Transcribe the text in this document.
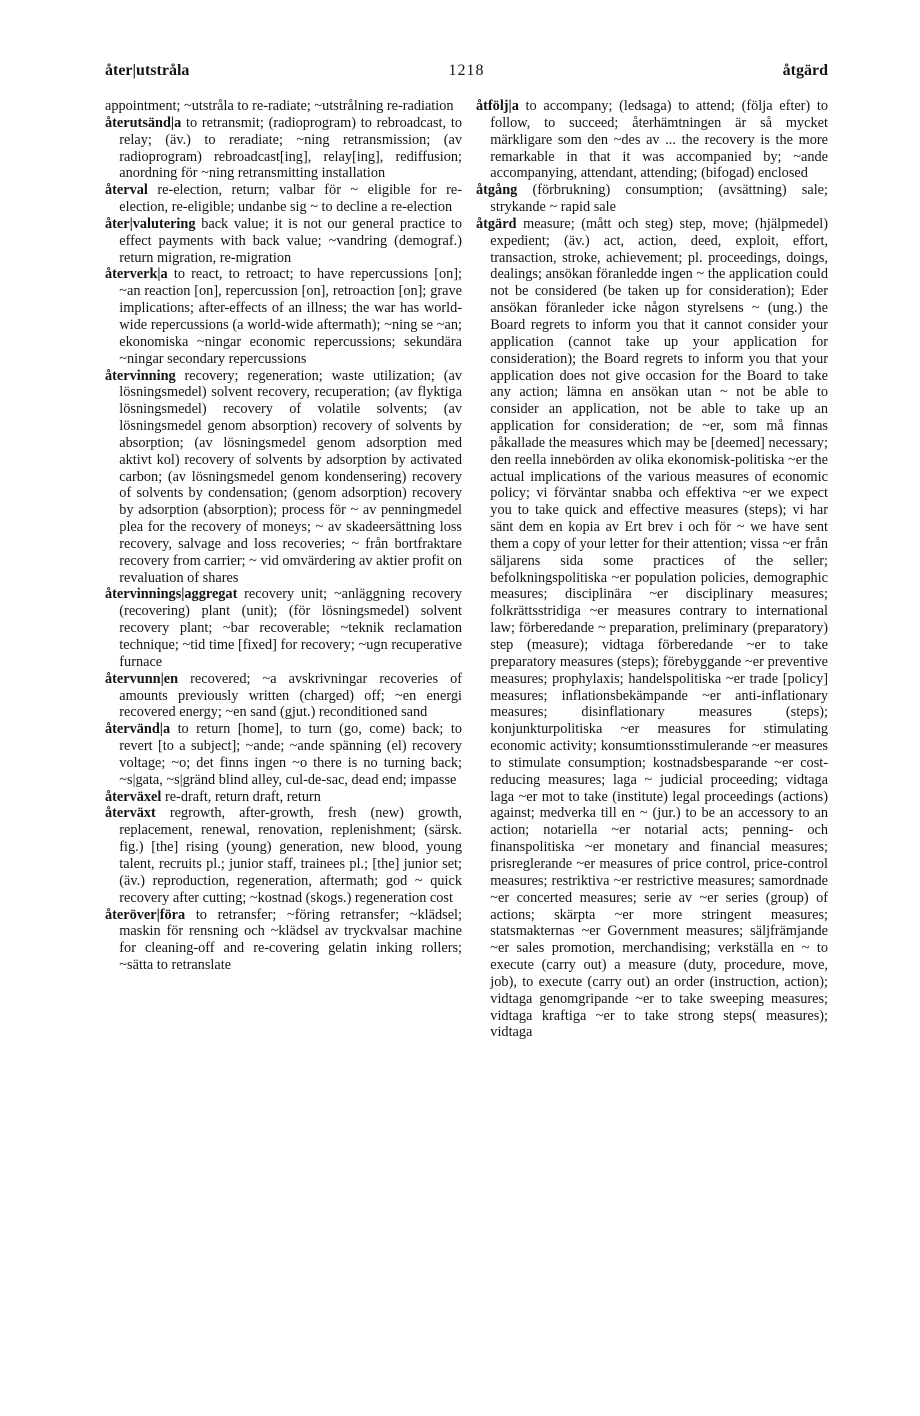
åter|utstråla	1218	åtgärd

appointment; ~utstråla to re-radiate; ~utstrålning re-radiation

återutsänd|a to retransmit; (radioprogram) to rebroadcast, to relay; (äv.) to reradiate; ~ning retransmission; (av radioprogram) rebroadcast[ing], relay[ing], rediffusion; anordning för ~ning retransmitting installation

återval re-election, return; valbar för ~ eligible for re-election, re-eligible; undanbe sig ~ to decline a re-election

åter|valutering back value; it is not our general practice to effect payments with back value; ~vandring (demograf.) return migration, re-migration

återverk|a to react, to retroact; to have repercussions [on]; ~an reaction [on], repercussion [on], retroaction [on]; grave implications; after-effects of an illness; the war has world-wide repercussions (a world-wide aftermath); ~ning se ~an; ekonomiska ~ningar economic repercussions; sekundära ~ningar secondary repercussions

återvinning recovery; regeneration; waste utilization; (av lösningsmedel) solvent recovery, recuperation; (av flyktiga lösningsmedel) recovery of volatile solvents; (av lösningsmedel genom absorption) recovery of solvents by absorption; (av lösningsmedel genom adsorption med aktivt kol) recovery of solvents by adsorption by activated carbon; (av lösningsmedel genom kondensering) recovery of solvents by condensation; (genom adsorption) recovery by adsorption (absorption); process för ~ av penningmedel plea for the recovery of moneys; ~ av skadeersättning loss recovery, salvage and loss recoveries; ~ från bortfraktare recovery from carrier; ~ vid omvärdering av aktier profit on revaluation of shares

återvinnings|aggregat recovery unit; ~anläggning recovery (recovering) plant (unit); (för lösningsmedel) solvent recovery plant; ~bar recoverable; ~teknik reclamation technique; ~tid time [fixed] for recovery; ~ugn recuperative furnace

återvunn|en recovered; ~a avskrivningar recoveries of amounts previously written (charged) off; ~en energi recovered energy; ~en sand (gjut.) reconditioned sand

återvänd|a to return [home], to turn (go, come) back; to revert [to a subject]; ~ande; ~ande spänning (el) recovery voltage; ~o; det finns ingen ~o there is no turning back; ~s|gata, ~s|gränd blind alley, cul-de-sac, dead end; impasse

återväxel re-draft, return draft, return

återväxt regrowth, after-growth, fresh (new) growth, replacement, renewal, renovation, replenishment; (särsk. fig.) [the] rising (young) generation, new blood, young talent, recruits pl.; junior staff, trainees pl.; [the] junior set; (äv.) reproduction, regeneration, aftermath; god ~ quick recovery after cutting; ~kostnad (skogs.) regeneration cost

återöver|föra to retransfer; ~föring retransfer; ~klädsel; maskin för rensning och ~klädsel av tryckvalsar machine for cleaning-off and re-covering gelatin inking rollers; ~sätta to retranslate

åtfölj|a to accompany; (ledsaga) to attend; (följa efter) to follow, to succeed; återhämtningen är så mycket märkligare som den ~des av ... the recovery is the more remarkable in that it was accompanied by; ~ande accompanying, attendant, attending; (bifogad) enclosed

åtgång (förbrukning) consumption; (avsättning) sale; strykande ~ rapid sale

åtgärd measure; (mått och steg) step, move; (hjälpmedel) expedient; (äv.) act, action, deed, exploit, effort, transaction, stroke, achievement; pl. proceedings, doings, dealings; ansökan föranledde ingen ~ the application could not be considered (be taken up for consideration); Eder ansökan föranleder icke någon styrelsens ~ (ung.) the Board regrets to inform you that it cannot consider your application (cannot take up your application for consideration); the Board regrets to inform you that your application does not give occasion for the Board to take any action; lämna en ansökan utan ~ not be able to consider an application, not be able to take up an application for consideration; de ~er, som må finnas påkallade the measures which may be [deemed] necessary; den reella innebörden av olika ekonomisk-politiska ~er the actual implications of the various measures of economic policy; vi förväntar snabba och effektiva ~er we expect you to take quick and effective measures (steps); vi har sänt dem en kopia av Ert brev i och för ~ we have sent them a copy of your letter for their attention; vissa ~er från säljarens sida some practices of the seller; befolkningspolitiska ~er population policies, demographic measures; disciplinära ~er disciplinary measures; folkrättsstridiga ~er measures contrary to international law; förberedande ~ preparation, preliminary (preparatory) step (measure); vidtaga förberedande ~er to take preparatory measures (steps); förebyggande ~er preventive measures; prophylaxis; handelspolitiska ~er trade [policy] measures; inflationsbekämpande ~er anti-inflationary measures; disinflationary measures (steps); konjunkturpolitiska ~er measures for stimulating economic activity; konsumtionsstimulerande ~er measures to stimulate consumption; kostnadsbesparande ~er cost-reducing measures; laga ~ judicial proceeding; vidtaga laga ~er mot to take (institute) legal proceedings (actions) against; medverka till en ~ (jur.) to be an accessory to an action; notariella ~er notarial acts; penning- och finanspolitiska ~er monetary and financial measures; prisreglerande ~er measures of price control, price-control measures; restriktiva ~er restrictive measures; samordnade ~er concerted measures; serie av ~er series (group) of actions; skärpta ~er more stringent measures; statsmakternas ~er Government measures; säljfrämjande ~er sales promotion, merchandising; verkställa en ~ to execute (carry out) a measure (duty, procedure, move, job), to execute (carry out) an order (instruction, action); vidtaga genomgripande ~er to take sweeping measures; vidtaga kraftiga ~er to take strong steps( measures); vidtaga
